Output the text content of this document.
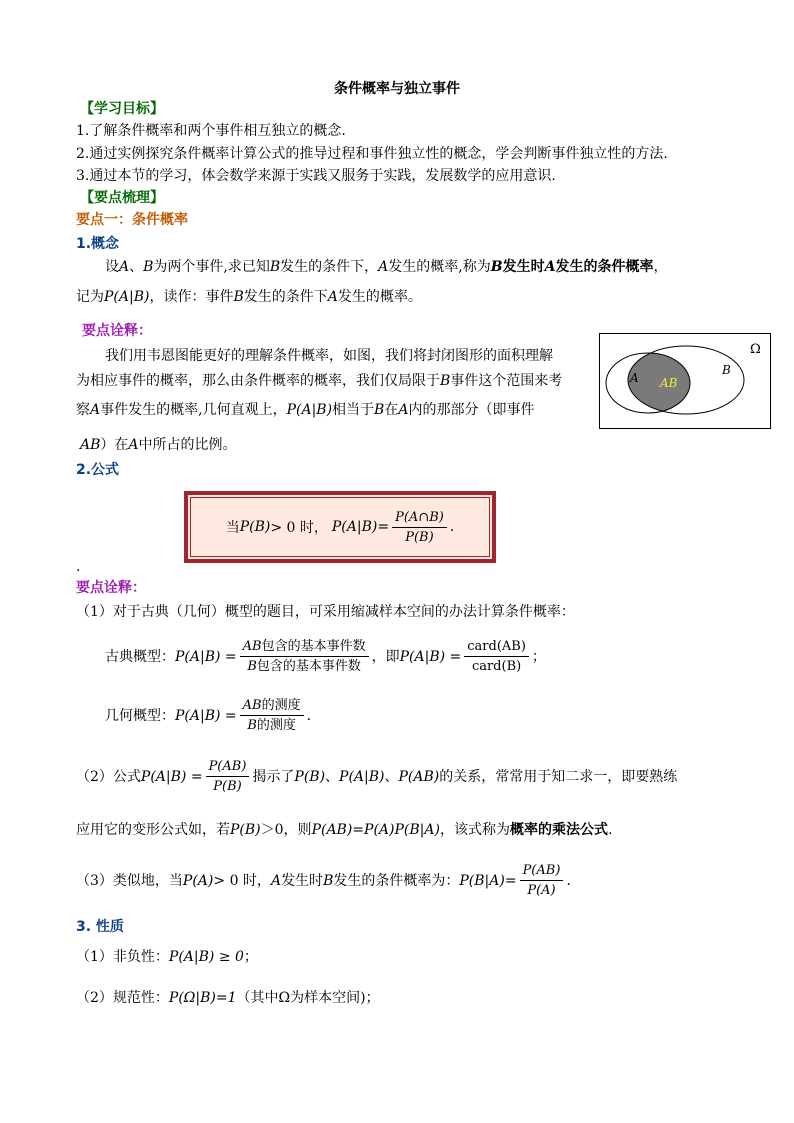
条件概率与独立事件
【学习目标】
1.了解条件概率和两个事件相互独立的概念.
2.通过实例探究条件概率计算公式的推导过程和事件独立性的概念，学会判断事件独立性的方法.
3.通过本节的学习，体会数学来源于实践又服务于实践，发展数学的应用意识.
【要点梳理】
要点一：条件概率
1.概念
设A、B为两个事件,求已知B发生的条件下，A发生的概率,称为B发生时A发生的条件概率，
记为P(A|B)，读作：事件B发生的条件下A发生的概率。
要点诠释：
我们用韦恩图能更好的理解条件概率，如图，我们将封闭图形的面积理解
为相应事件的概率，那么由条件概率的概率，我们仅局限于B事件这个范围来考
察A事件发生的概率,几何直观上，P(A|B)相当于B在A内的那部分（即事件
AB）在A中所占的比例。
Ω
A
B
AB
2.公式
当 P(B) > 0 时， $P(A|B)= \frac{P(A\cap B)}{P(B)}$ .
.
要点诠释：
（1）对于古典（几何）概型的题目，可采用缩减样本空间的办法计算条件概率：
古典概型： $P(A|B) = \frac{\text{AB包含的基本事件数}}{\text{B包含的基本事件数}}$ ，即 $P(A|B) = \frac{\text{card(AB)}}{\text{card(B)}}$ ；
几何概型： $P(A|B) = \frac{\text{AB的测度}}{\text{B的测度}}$ .
（2）公式 $P(A|B) = \frac{P(AB)}{P(B)}$ 揭示了 P(B) 、 P(A|B) 、 P(AB) 的关系，常常用于知二求一，即要熟练
应用它的变形公式如，若P(B)＞0，则P(AB)=P(A)P(B|A)，该式称为概率的乘法公式.
（3）类似地，当 P(A) > 0 时， A 发生时 B 发生的条件概率为： $P(B|A)= \frac{P(AB)}{P(A)}$ .
3. 性质
（1）非负性：P(A|B) ≥ 0；
（2）规范性：P(Ω|B)=1（其中Ω为样本空间)；
